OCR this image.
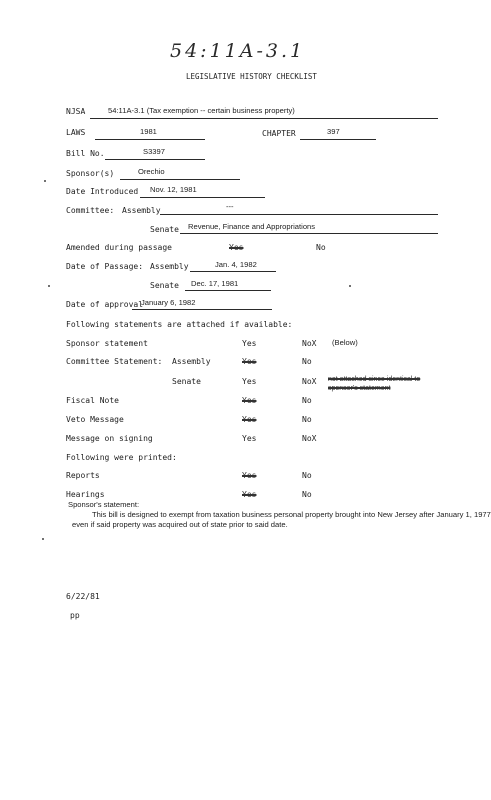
54:11A-3.1
LEGISLATIVE HISTORY CHECKLIST
NJSA	54:11A-3.1 (Tax exemption -- certain business property)
LAWS	1981	CHAPTER	397
Bill No.	S3397
Sponsor(s)	Orechio
Date Introduced Nov. 12, 1981
Committee: Assembly	---
Senate Revenue, Finance and Appropriations
Amended during passage	Yes	No
Date of Passage: Assembly	Jan. 4, 1982
Senate Dec. 17, 1981
Date of approval
January 6, 1982
Following statements are attached if available:
Sponsor statement	Yes	NoX (Below)
Committee Statement: Assembly	Yes	No
Senate	Yes	NoX not attached since identical to
sponsor's statement
Fiscal Note	Yes	No
Veto Message	Yes	No
Message on signing	Yes	NoX
Following were printed:
Reports	Yes	No
Hearings	Yes	No
Sponsor's statement:
This bill is designed to exempt from taxation business personal property brought into New Jersey after January 1, 1977 even if said property was acquired out of state prior to said date.
6/22/81
pp
